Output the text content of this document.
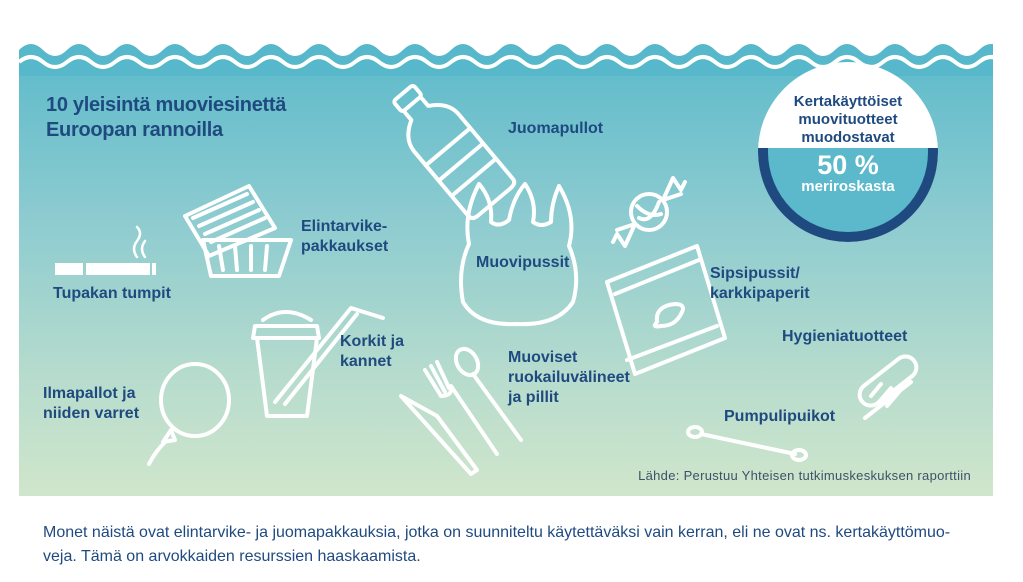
10 yleisintä muoviesinettä
Euroopan rannoilla	Juomapullot
Elintarvike-
pakkaukset
Tupakan tumpit
Muovipussit
Sipsipussit/
karkkipaperit
Korkit ja
kannet
Ilmapallot ja
niiden varret
Muoviset
ruokailuvälineet
ja pillit
Hygieniatuotteet
Pumpulipuikot
Lähde: Perustuu Yhteisen tutkimuskeskuksen raporttiin
Kertakäyttöiset
muovituotteet
muodostavat
50 %
meriroskasta
Monet näistä ovat elintarvike- ja juomapakkauksia, jotka on suunniteltu käytettäväksi vain kerran, eli ne ovat ns. kertakäyttömuo-
veja. Tämä on arvokkaiden resurssien haaskaamista.
